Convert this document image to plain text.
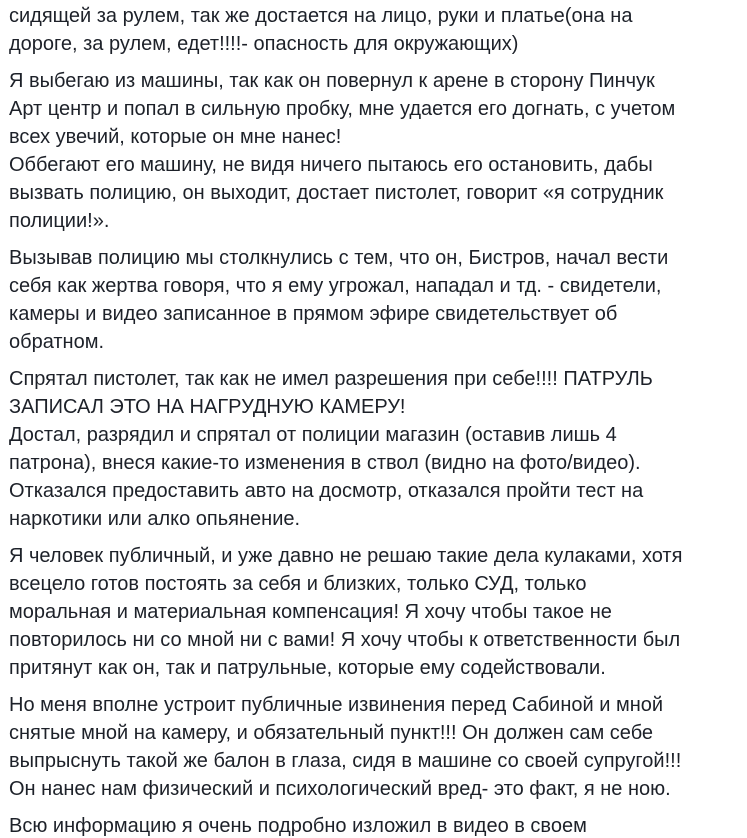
сидящей за рулем, так же достается на лицо, руки и платье(она на
дороге, за рулем, едет!!!!- опасность для окружающих)

Я выбегаю из машины, так как он повернул к арене в сторону Пинчук
Арт центр и попал в сильную пробку, мне удается его догнать, с учетом
всех увечий, которые он мне нанес!
Оббегают его машину, не видя ничего пытаюсь его остановить, дабы
вызвать полицию, он выходит, достает пистолет, говорит «я сотрудник
полиции!».

Вызывав полицию мы столкнулись с тем, что он, Бистров, начал вести
себя как жертва говоря, что я ему угрожал, нападал и тд. - свидетели,
камеры и видео записанное в прямом эфире свидетельствует об
обратном.

Спрятал пистолет, так как не имел разрешения при себе!!!! ПАТРУЛЬ
ЗАПИСАЛ ЭТО НА НАГРУДНУЮ КАМЕРУ!
Достал, разрядил и спрятал от полиции магазин (оставив лишь 4
патрона), внеся какие-то изменения в ствол (видно на фото/видео).
Отказался предоставить авто на досмотр, отказался пройти тест на
наркотики или алко опьянение.

Я человек публичный, и уже давно не решаю такие дела кулаками, хотя
всецело готов постоять за себя и близких, только СУД, только
моральная и материальная компенсация! Я хочу чтобы такое не
повторилось ни со мной ни с вами! Я хочу чтобы к ответственности был
притянут как он, так и патрульные, которые ему содействовали.

Но меня вполне устроит публичные извинения перед Сабиной и мной
снятые мной на камеру, и обязательный пункт!!! Он должен сам себе
выпрыснуть такой же балон в глаза, сидя в машине со своей супругой!!!
Он нанес нам физический и психологический вред- это факт, я не ною.

Всю информацию я очень подробно изложил в видео в своем
